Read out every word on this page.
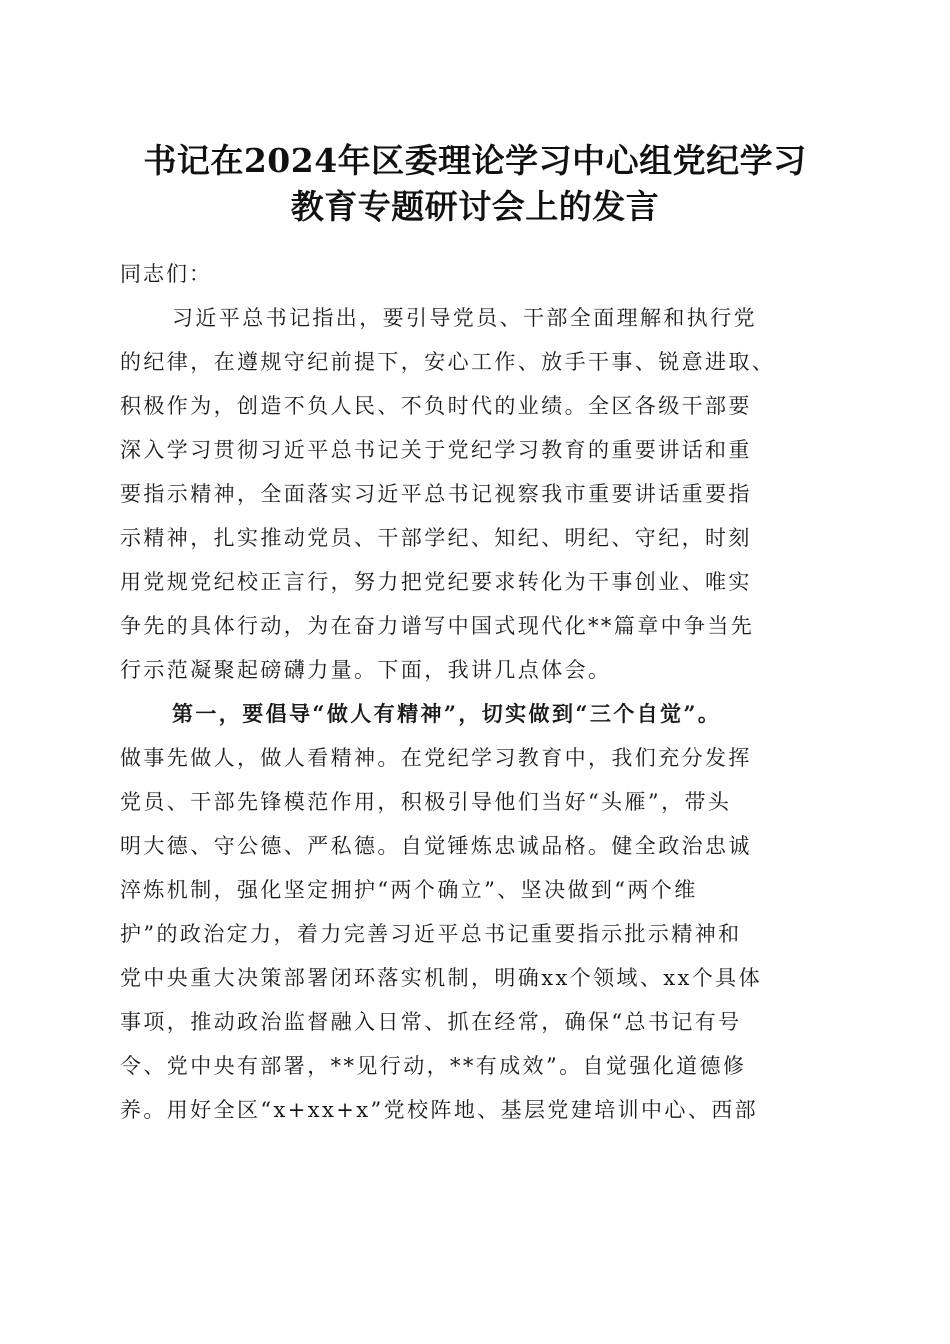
书记在2024年区委理论学习中心组党纪学习
教育专题研讨会上的发言
同志们：
习近平总书记指出，要引导党员、干部全面理解和执行党
的纪律，在遵规守纪前提下，安心工作、放手干事、锐意进取、
积极作为，创造不负人民、不负时代的业绩。全区各级干部要
深入学习贯彻习近平总书记关于党纪学习教育的重要讲话和重
要指示精神，全面落实习近平总书记视察我市重要讲话重要指
示精神，扎实推动党员、干部学纪、知纪、明纪、守纪，时刻
用党规党纪校正言行，努力把党纪要求转化为干事创业、唯实
争先的具体行动，为在奋力谱写中国式现代化**篇章中争当先
行示范凝聚起磅礴力量。下面，我讲几点体会。
第一，要倡导“做人有精神”，切实做到“三个自觉”。
做事先做人，做人看精神。在党纪学习教育中，我们充分发挥
党员、干部先锋模范作用，积极引导他们当好“头雁”，带头
明大德、守公德、严私德。自觉锤炼忠诚品格。健全政治忠诚
淬炼机制，强化坚定拥护“两个确立”、坚决做到“两个维
护”的政治定力，着力完善习近平总书记重要指示批示精神和
党中央重大决策部署闭环落实机制，明确xx个领域、xx个具体
事项，推动政治监督融入日常、抓在经常，确保“总书记有号
令、党中央有部署，**见行动，**有成效”。自觉强化道德修
养。用好全区“x+xx+x”党校阵地、基层党建培训中心、西部
